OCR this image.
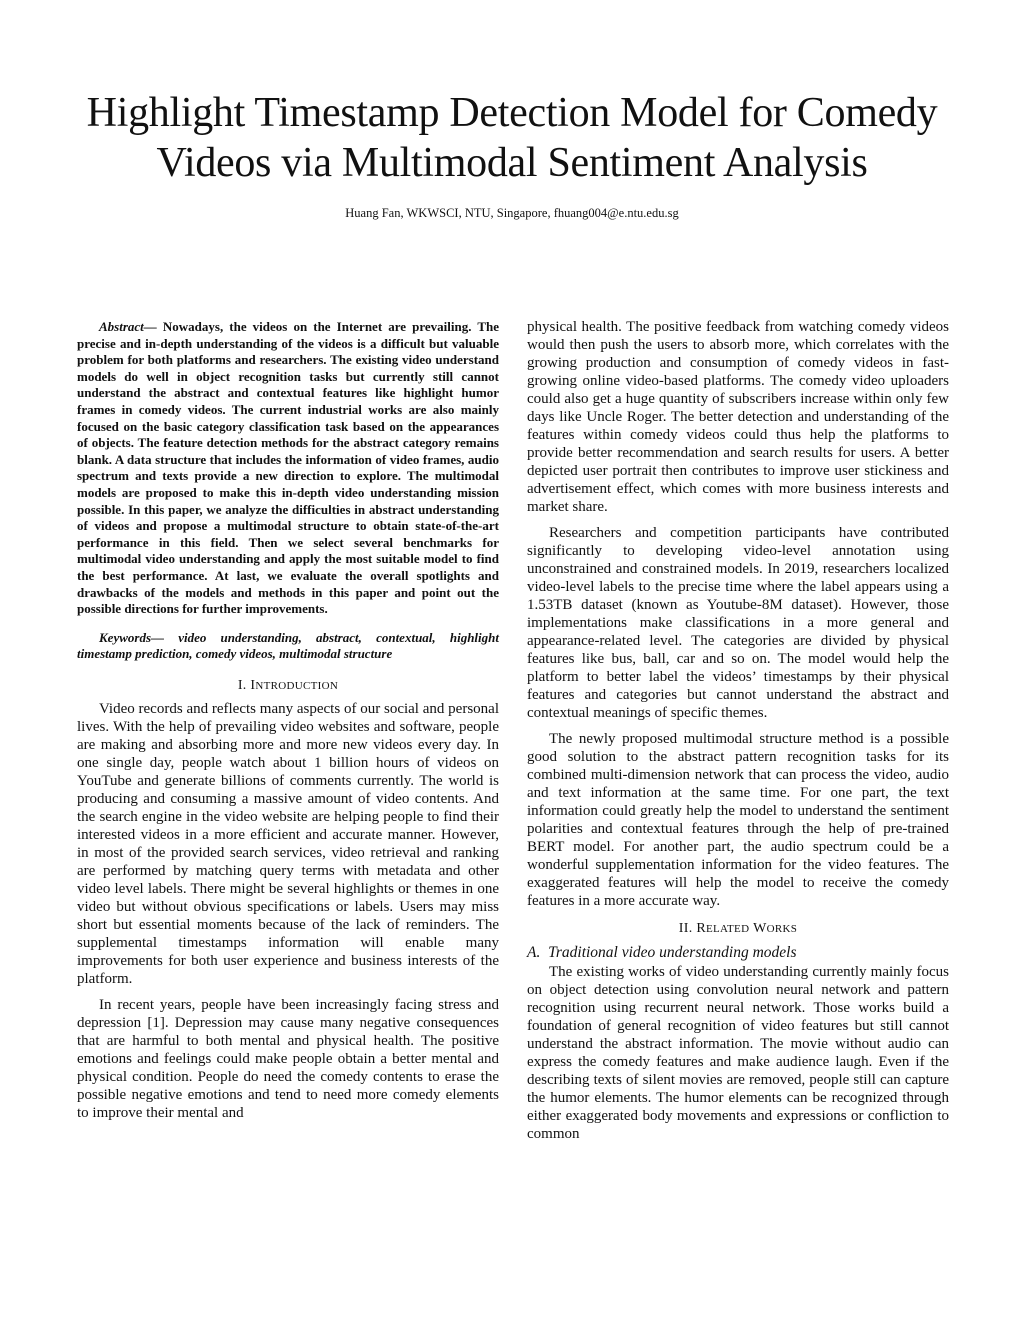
Highlight Timestamp Detection Model for Comedy
Videos via Multimodal Sentiment Analysis
Huang Fan, WKWSCI, NTU, Singapore, fhuang004@e.ntu.edu.sg

Abstract— Nowadays, the videos on the Internet are prevailing. The precise and in-depth understanding of the videos is a difficult but valuable problem for both platforms and researchers. The existing video understand models do well in object recognition tasks but currently still cannot understand the abstract and contextual features like highlight humor frames in comedy videos. The current industrial works are also mainly focused on the basic category classification task based on the appearances of objects. The feature detection methods for the abstract category remains blank. A data structure that includes the information of video frames, audio spectrum and texts provide a new direction to explore. The multimodal models are proposed to make this in-depth video understanding mission possible. In this paper, we analyze the difficulties in abstract understanding of videos and propose a multimodal structure to obtain state-of-the-art performance in this field. Then we select several benchmarks for multimodal video understanding and apply the most suitable model to find the best performance. At last, we evaluate the overall spotlights and drawbacks of the models and methods in this paper and point out the possible directions for further improvements.

Keywords— video understanding, abstract, contextual, highlight timestamp prediction, comedy videos, multimodal structure

I. INTRODUCTION

Video records and reflects many aspects of our social and personal lives. With the help of prevailing video websites and software, people are making and absorbing more and more new videos every day. In one single day, people watch about 1 billion hours of videos on YouTube and generate billions of comments currently. The world is producing and consuming a massive amount of video contents. And the search engine in the video website are helping people to find their interested videos in a more efficient and accurate manner. However, in most of the provided search services, video retrieval and ranking are performed by matching query terms with metadata and other video level labels. There might be several highlights or themes in one video but without obvious specifications or labels. Users may miss short but essential moments because of the lack of reminders. The supplemental timestamps information will enable many improvements for both user experience and business interests of the platform.

In recent years, people have been increasingly facing stress and depression [1]. Depression may cause many negative consequences that are harmful to both mental and physical health. The positive emotions and feelings could make people obtain a better mental and physical condition. People do need the comedy contents to erase the possible negative emotions and tend to need more comedy elements to improve their mental and

physical health. The positive feedback from watching comedy videos would then push the users to absorb more, which correlates with the growing production and consumption of comedy videos in fast-growing online video-based platforms. The comedy video uploaders could also get a huge quantity of subscribers increase within only few days like Uncle Roger. The better detection and understanding of the features within comedy videos could thus help the platforms to provide better recommendation and search results for users. A better depicted user portrait then contributes to improve user stickiness and advertisement effect, which comes with more business interests and market share.

Researchers and competition participants have contributed significantly to developing video-level annotation using unconstrained and constrained models. In 2019, researchers localized video-level labels to the precise time where the label appears using a 1.53TB dataset (known as Youtube-8M dataset). However, those implementations make classifications in a more general and appearance-related level. The categories are divided by physical features like bus, ball, car and so on. The model would help the platform to better label the videos’ timestamps by their physical features and categories but cannot understand the abstract and contextual meanings of specific themes.

The newly proposed multimodal structure method is a possible good solution to the abstract pattern recognition tasks for its combined multi-dimension network that can process the video, audio and text information at the same time. For one part, the text information could greatly help the model to understand the sentiment polarities and contextual features through the help of pre-trained BERT model. For another part, the audio spectrum could be a wonderful supplementation information for the video features. The exaggerated features will help the model to receive the comedy features in a more accurate way.

II. RELATED WORKS
A. Traditional video understanding models

The existing works of video understanding currently mainly focus on object detection using convolution neural network and pattern recognition using recurrent neural network. Those works build a foundation of general recognition of video features but still cannot understand the abstract information. The movie without audio can express the comedy features and make audience laugh. Even if the describing texts of silent movies are removed, people still can capture the humor elements. The humor elements can be recognized through either exaggerated body movements and expressions or confliction to common
